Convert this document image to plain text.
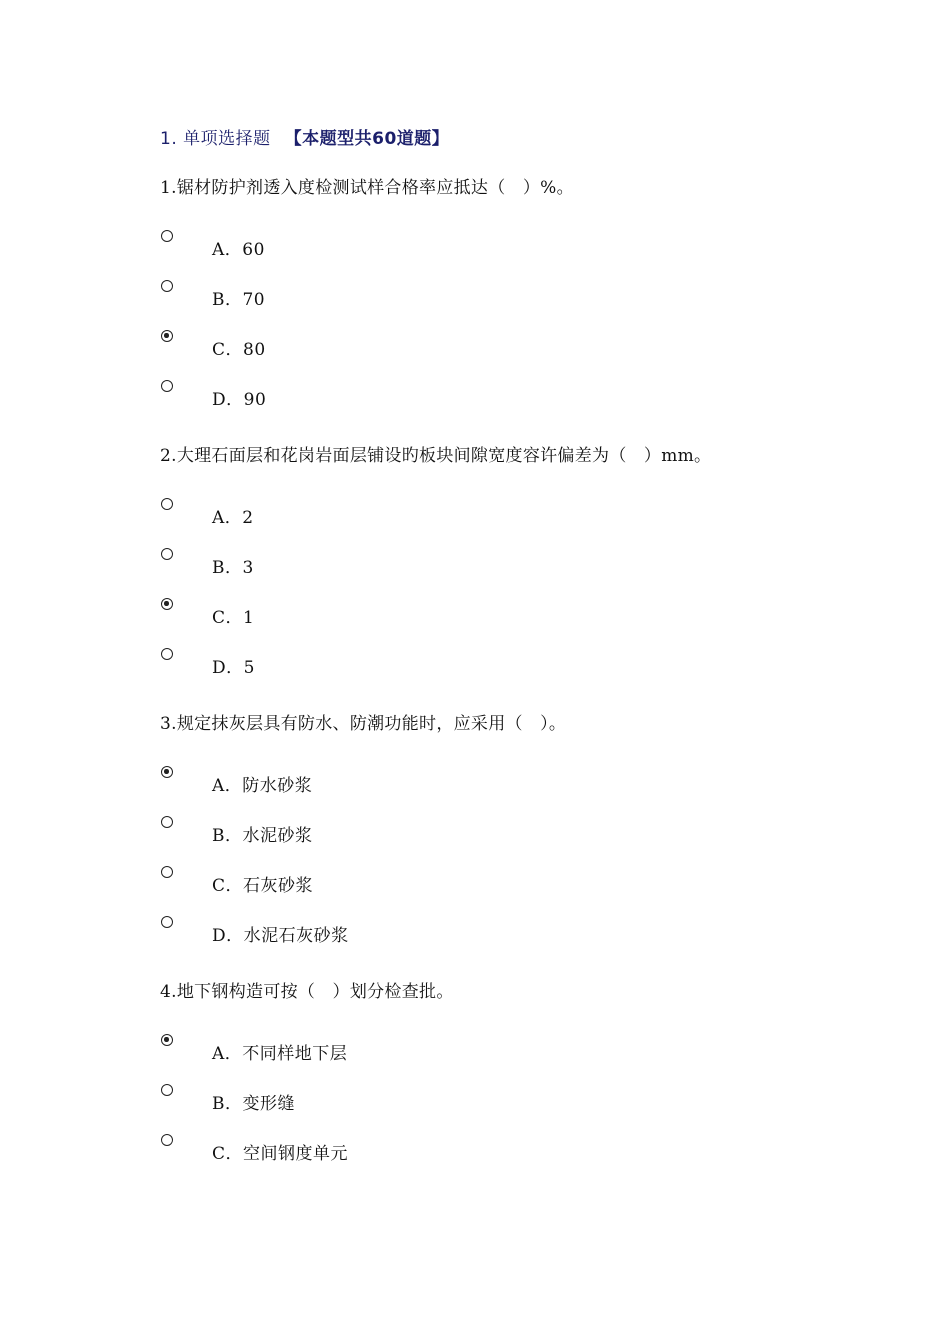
1. 单项选择题 【本题型共60道题】
1.锯材防护剂透入度检测试样合格率应抵达（　）%。
A．60
B．70
C．80
D．90
2.大理石面层和花岗岩面层铺设旳板块间隙宽度容许偏差为（　）mm。
A．2
B．3
C．1
D．5
3.规定抹灰层具有防水、防潮功能时，应采用（　）。
A．防水砂浆
B．水泥砂浆
C．石灰砂浆
D．水泥石灰砂浆
4.地下钢构造可按（　）划分检查批。
A．不同样地下层
B．变形缝
C．空间钢度单元
